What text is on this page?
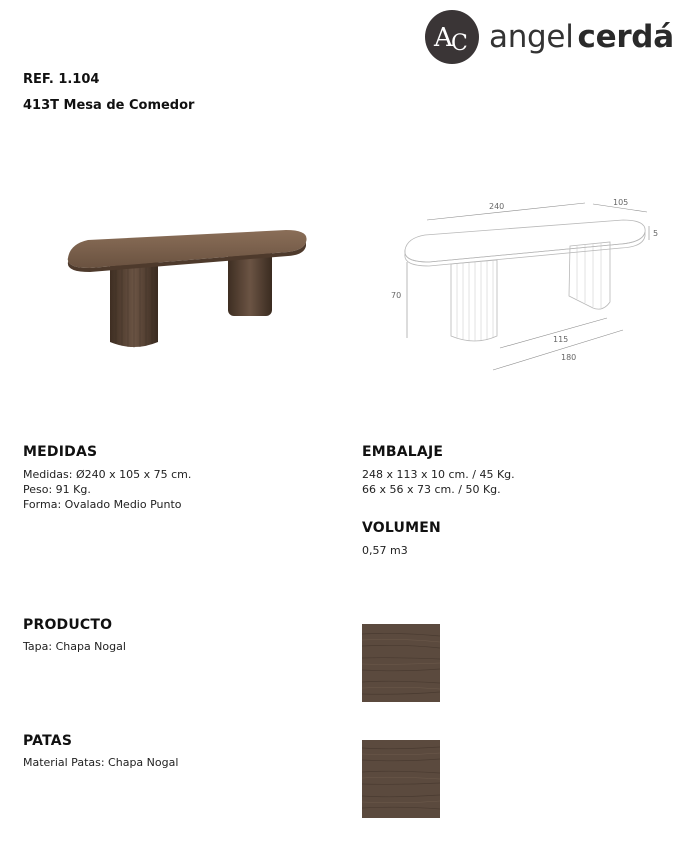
A
C angel cerdá
REF. 1.104
413T Mesa de Comedor
240	105
5
70
115
180
MEDIDAS
Medidas: Ø240 x 105 x 75 cm.
Peso: 91 Kg.
Forma: Ovalado Medio Punto
EMBALAJE
248 x 113 x 10 cm. / 45 Kg.
66 x 56 x 73 cm. / 50 Kg.
VOLUMEN
0,57 m3
PRODUCTO
Tapa: Chapa Nogal
PATAS
Material Patas: Chapa Nogal
